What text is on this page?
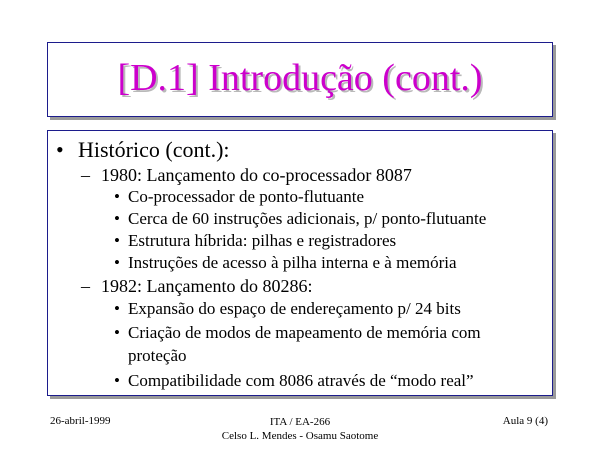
[D.1] Introdução (cont.)
• Histórico (cont.):
– 1980: Lançamento do co-processador 8087
• Co-processador de ponto-flutuante
• Cerca de 60 instruções adicionais, p/ ponto-flutuante
• Estrutura híbrida: pilhas e registradores
• Instruções de acesso à pilha interna e à memória
– 1982: Lançamento do 80286:
• Expansão do espaço de endereçamento p/ 24 bits
• Criação de modos de mapeamento de memória com
proteção
• Compatibilidade com 8086 através de “modo real”
26-abril-1999	ITA / EA-266
Celso L. Mendes - Osamu Saotome
Aula 9 (4)
